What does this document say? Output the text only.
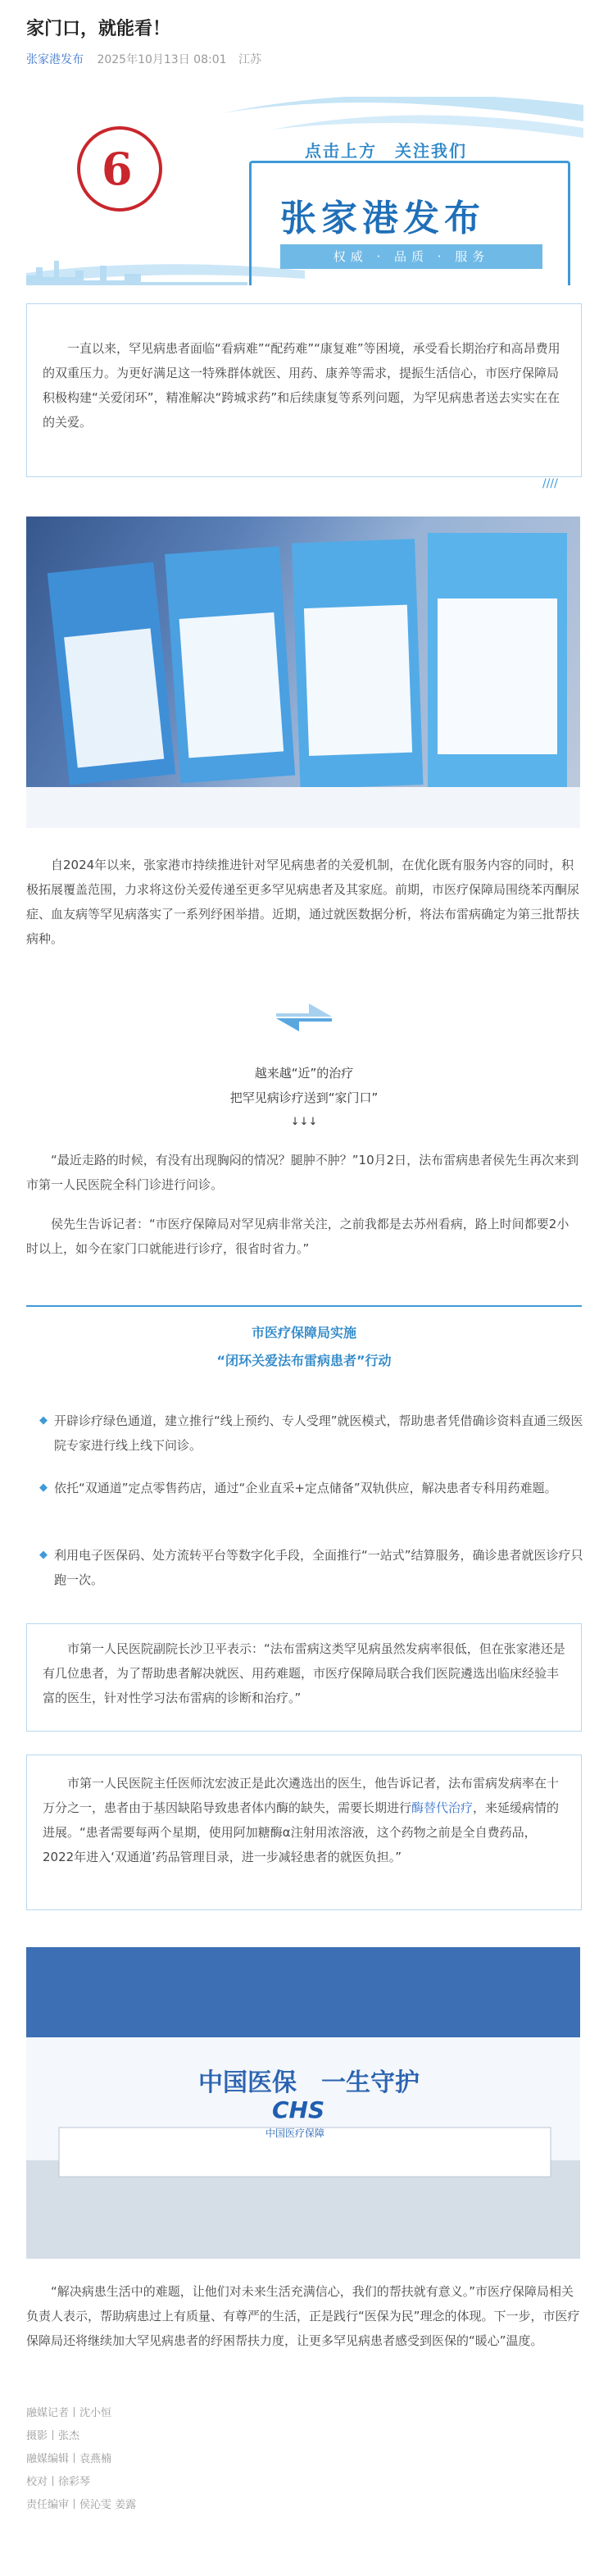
家门口，就能看！
张家港发布 2025年10月13日 08:01 江苏
6	点击上方　关注我们
张家港发布
权威 · 品质 · 服务
一直以来，罕见病患者面临“看病难”“配药难”“康复难”等困境，承受看长期治疗和高昂费用的双重压力。为更好满足这一特殊群体就医、用药、康养等需求，提振生活信心，市医疗保障局积极构建“关爱闭环”，精准解决“跨城求药”和后续康复等系列问题，为罕见病患者送去实实在在的关爱。
////
自2024年以来，张家港市持续推进针对罕见病患者的关爱机制，在优化既有服务内容的同时，积极拓展覆盖范围，力求将这份关爱传递至更多罕见病患者及其家庭。前期，市医疗保障局围绕苯丙酮尿症、血友病等罕见病落实了一系列纾困举措。近期，通过就医数据分析，将法布雷病确定为第三批帮扶病种。
越来越“近”的治疗
把罕见病诊疗送到“家门口”
↓↓↓
“最近走路的时候，有没有出现胸闷的情况？腿肿不肿？”10月2日，法布雷病患者侯先生再次来到市第一人民医院全科门诊进行问诊。
侯先生告诉记者：“市医疗保障局对罕见病非常关注，之前我都是去苏州看病，路上时间都要2小时以上，如今在家门口就能进行诊疗，很省时省力。”
市医疗保障局实施
“闭环关爱法布雷病患者”行动
◆ 开辟诊疗绿色通道，建立推行“线上预约、专人受理”就医模式，帮助患者凭借确诊资料直通三级医院专家进行线上线下问诊。
◆ 依托“双通道”定点零售药店，通过“企业直采+定点储备”双轨供应，解决患者专科用药难题。
◆ 利用电子医保码、处方流转平台等数字化手段，全面推行“一站式”结算服务，确诊患者就医诊疗只跑一次。
市第一人民医院副院长沙卫平表示：“法布雷病这类罕见病虽然发病率很低，但在张家港还是有几位患者，为了帮助患者解决就医、用药难题，市医疗保障局联合我们医院遴选出临床经验丰富的医生，针对性学习法布雷病的诊断和治疗。”
市第一人民医院主任医师沈宏波正是此次遴选出的医生，他告诉记者，法布雷病发病率在十万分之一，患者由于基因缺陷导致患者体内酶的缺失，需要长期进行酶替代治疗，来延缓病情的进展。“患者需要每两个星期，使用阿加糖酶α注射用浓溶液，这个药物之前是全自费药品，2022年进入‘双通道’药品管理目录，进一步减轻患者的就医负担。”
中国医保　一生守护
CHS
中国医疗保障
“解决病患生活中的难题，让他们对未来生活充满信心，我们的帮扶就有意义。”市医疗保障局相关负责人表示，帮助病患过上有质量、有尊严的生活，正是践行“医保为民”理念的体现。下一步，市医疗保障局还将继续加大罕见病患者的纾困帮扶力度，让更多罕见病患者感受到医保的“暖心”温度。
融媒记者丨沈小恒
摄影丨张杰
融媒编辑丨袁燕楠
校对丨徐彩琴
责任编审丨侯沁雯 姜露
